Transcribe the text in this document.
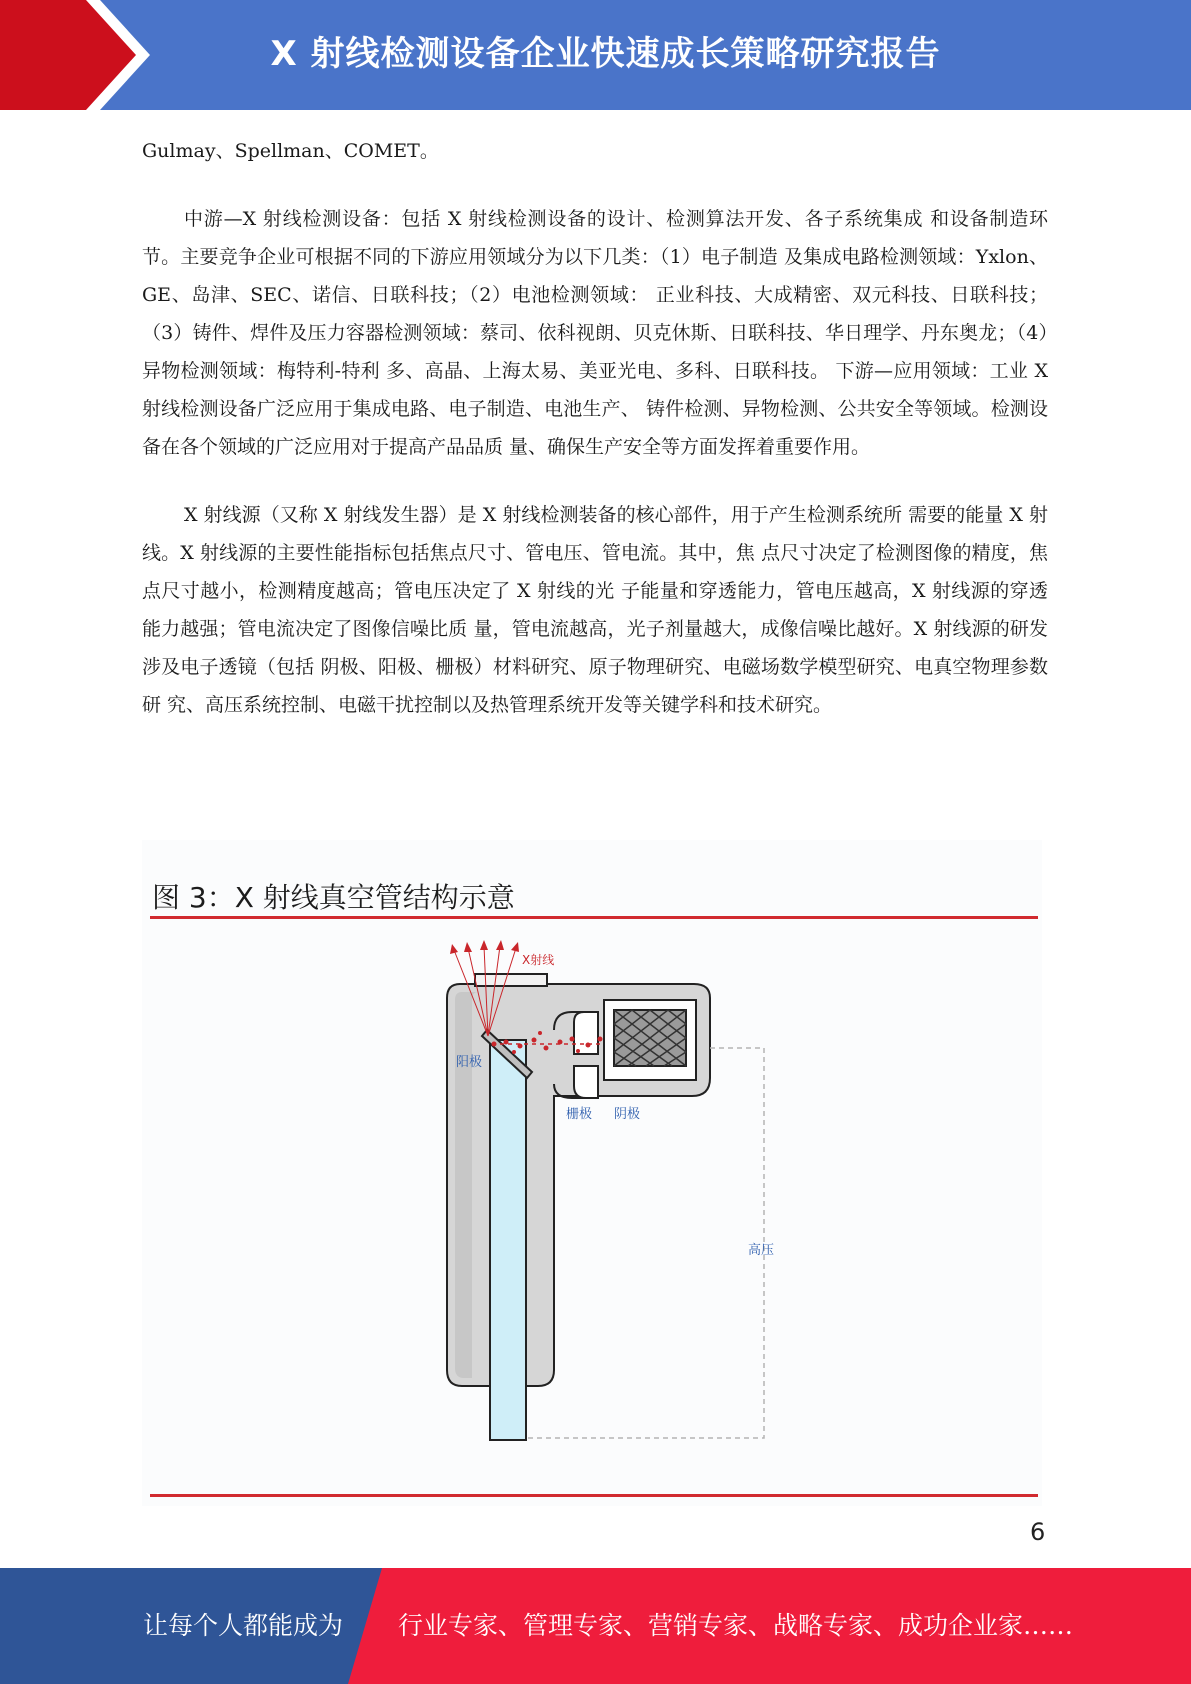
X 射线检测设备企业快速成长策略研究报告

Gulmay、Spellman、COMET。

中游—X 射线检测设备：包括 X 射线检测设备的设计、检测算法开发、各子系统集成 和设备制造环节。主要竞争企业可根据不同的下游应用领域分为以下几类：（1）电子制造 及集成电路检测领域：Yxlon、GE、岛津、SEC、诺信、日联科技；（2）电池检测领域： 正业科技、大成精密、双元科技、日联科技；（3）铸件、焊件及压力容器检测领域：蔡司、依科视朗、贝克休斯、日联科技、华日理学、丹东奥龙；（4）异物检测领域：梅特利-特利 多、高晶、上海太易、美亚光电、多科、日联科技。 下游—应用领域：工业 X 射线检测设备广泛应用于集成电路、电子制造、电池生产、 铸件检测、异物检测、公共安全等领域。检测设备在各个领域的广泛应用对于提高产品品质 量、确保生产安全等方面发挥着重要作用。

X 射线源（又称 X 射线发生器）是 X 射线检测装备的核心部件，用于产生检测系统所 需要的能量 X 射线。X 射线源的主要性能指标包括焦点尺寸、管电压、管电流。其中，焦 点尺寸决定了检测图像的精度，焦点尺寸越小，检测精度越高；管电压决定了 X 射线的光 子能量和穿透能力，管电压越高，X 射线源的穿透能力越强；管电流决定了图像信噪比质 量，管电流越高，光子剂量越大，成像信噪比越好。X 射线源的研发涉及电子透镜（包括 阴极、阳极、栅极）材料研究、原子物理研究、电磁场数学模型研究、电真空物理参数研 究、高压系统控制、电磁干扰控制以及热管理系统开发等关键学科和技术研究。

图 3：X 射线真空管结构示意
X射线
阳极
栅极 阴极
高压
6
让每个人都能成为 行业专家、管理专家、营销专家、战略专家、成功企业家……
